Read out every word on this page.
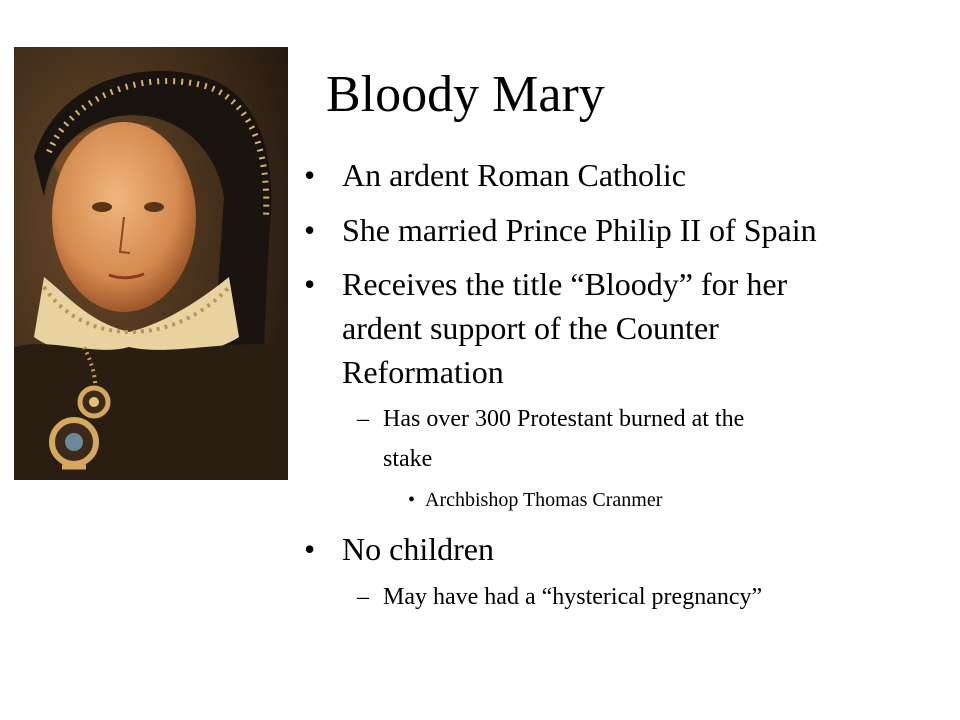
Bloody Mary
• An ardent Roman Catholic
• She married Prince Philip II of Spain
• Receives the title “Bloody” for her
ardent support of the Counter
Reformation
– Has over 300 Protestant burned at the
stake
• Archbishop Thomas Cranmer
• No children
– May have had a “hysterical pregnancy”
